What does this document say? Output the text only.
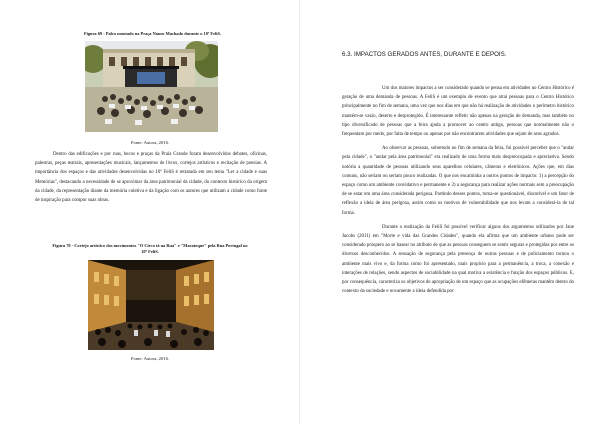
Figura 69 - Palco montado na Praça Nauro Machado durante o 10º FeliS.
Fonte: Autora, 2016.

Dentro das edificações e por ruas, becos e praças da Praia Grande foram desenvolvidos debates, oficinas, palestras, peças teatrais, apresentações musicais, lançamentos de livros, cortejos artísticos e recitação de poesias. A importância dos espaços e das atividades desenvolvidas no 10º FeliS é retratada em seu tema "Ler a cidade e suas Memórias", destacando a necessidade de se aproximar da área patrimonial da cidade, do contexto histórico da origem da cidade, da representação diante da memória coletiva e da ligação com os autores que utilizam a cidade como fonte de inspiração para compor suas obras.

Figura 70 - Cortejo artístico dos movimentos "O Circo tá na Rua" e "Maratoque" pela Rua Portugal no 10º FeliS.
Fonte: Autora, 2016.
6.3. IMPACTOS GERADOS ANTES, DURANTE E DEPOIS.

Um dos maiores impactos a ser considerado quando se pensa em atividades no Centro Histórico é geração de uma demanda de pessoas. A FeliS é um exemplo de evento que atrai pessoas para o Centro Histórico principalmente no fim de semana, uma vez que nos dias em que não há realização de atividades o perímetro histórico mantém-se vazio, deserto e desprotegido. É interessante refletir não apenas na geração de demanda, mas também no tipo diversificado de pessoas que a feira ajuda a promover ao centro antigo, pessoas que normalmente não o frequentam por medo, por falta de tempo ou apenas por não encontrarem atividades que sejam de seus agrados.

Ao observar as pessoas, sobretudo no fim de semana da feira, foi possível perceber que o "andar pela cidade", o "andar pela área patrimonial" era realizado de uma forma mais despreocupada e apreciativa. Sendo notória a quantidade de pessoas utilizando seus aparelhos celulares, câmeras e eletrônicos. Ações que, em dias comuns, não seriam ou seriam pouco realizadas. O que nos encaminha a outros pontos de impacto: 1) a percepção do espaço como um ambiente convidativo e permanente e 2) a segurança para realizar ações normais sem a preocupação de se estar em uma área considerada perigosa. Partindo desses pontos, torna-se questionável, discutível e um fator de reflexão a ideia de área perigosa, assim como os motivos de vulnerabilidade que nos levam a considerá-la de tal forma.

Durante a realização da FeliS foi possível verificar alguns dos argumentos utilizados por Jane Jacobs (2011) em "Morte e vida das Grandes Cidades", quando ela afirma que um ambiente urbano pode ser considerado próspero ao se basear no atributo de que as pessoas conseguem se sentir seguras e protegidas por entre os diversos desconhecidos. A sensação de segurança pela presença de outras pessoas e de policiamento tornou o ambiente mais vivo e, da forma como foi apresentado, mais propício para a permanência, a troca, a conexão e interações de relações, sendo aspectos de sociabilidade na qual motiva a existência e função dos espaços públicos. E, por consequência, caracteriza os objetivos de apropriação de um espaço que as ocupações efêmeras mantêm dentro do contexto da sociedade e novamente a ideia defendida por
